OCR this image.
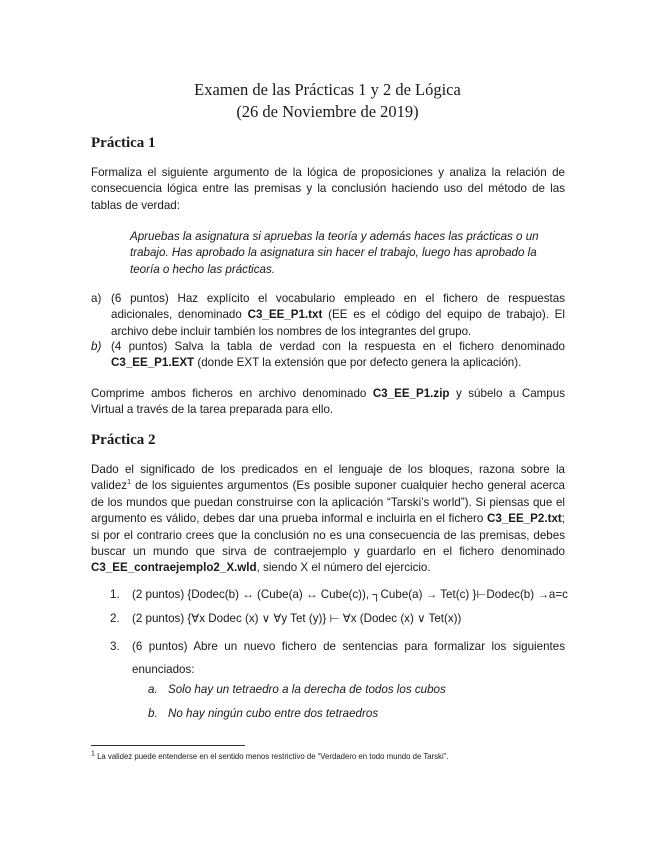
Examen de las Prácticas 1 y 2 de Lógica
(26 de Noviembre de 2019)
Práctica 1
Formaliza el siguiente argumento de la lógica de proposiciones y analiza la relación de consecuencia lógica entre las premisas y la conclusión haciendo uso del método de las tablas de verdad:
Apruebas la asignatura si apruebas la teoría y además haces las prácticas o un trabajo. Has aprobado la asignatura sin hacer el trabajo, luego has aprobado la teoría o hecho las prácticas.
a) (6 puntos) Haz explícito el vocabulario empleado en el fichero de respuestas adicionales, denominado C3_EE_P1.txt (EE es el código del equipo de trabajo). El archivo debe incluir también los nombres de los integrantes del grupo.
b) (4 puntos) Salva la tabla de verdad con la respuesta en el fichero denominado C3_EE_P1.EXT (donde EXT la extensión que por defecto genera la aplicación).
Comprime ambos ficheros en archivo denominado C3_EE_P1.zip y súbelo a Campus Virtual a través de la tarea preparada para ello.
Práctica 2
Dado el significado de los predicados en el lenguaje de los bloques, razona sobre la validez$^1$ de los siguientes argumentos (Es posible suponer cualquier hecho general acerca de los mundos que puedan construirse con la aplicación “Tarski’s world”). Si piensas que el argumento es válido, debes dar una prueba informal e incluirla en el fichero C3_EE_P2.txt; si por el contrario crees que la conclusión no es una consecuencia de las premisas, debes buscar un mundo que sirva de contraejemplo y guardarlo en el fichero denominado C3_EE_contraejemplo2_X.wld, siendo X el número del ejercicio.
1. (2 puntos) {Dodec(b) ↔ (Cube(a) ↔ Cube(c)), ┐Cube(a) → Tet(c) }⊢Dodec(b) →a=c
2. (2 puntos) {∀x Dodec (x) ∨ ∀y Tet (y)} ⊢ ∀x (Dodec (x) ∨ Tet(x))
3. (6 puntos) Abre un nuevo fichero de sentencias para formalizar los siguientes enunciados:
a. Solo hay un tetraedro a la derecha de todos los cubos
b. No hay ningún cubo entre dos tetraedros
$^1$ La validez puede entenderse en el sentido menos restrictivo de “Verdadero en todo mundo de Tarski”.
